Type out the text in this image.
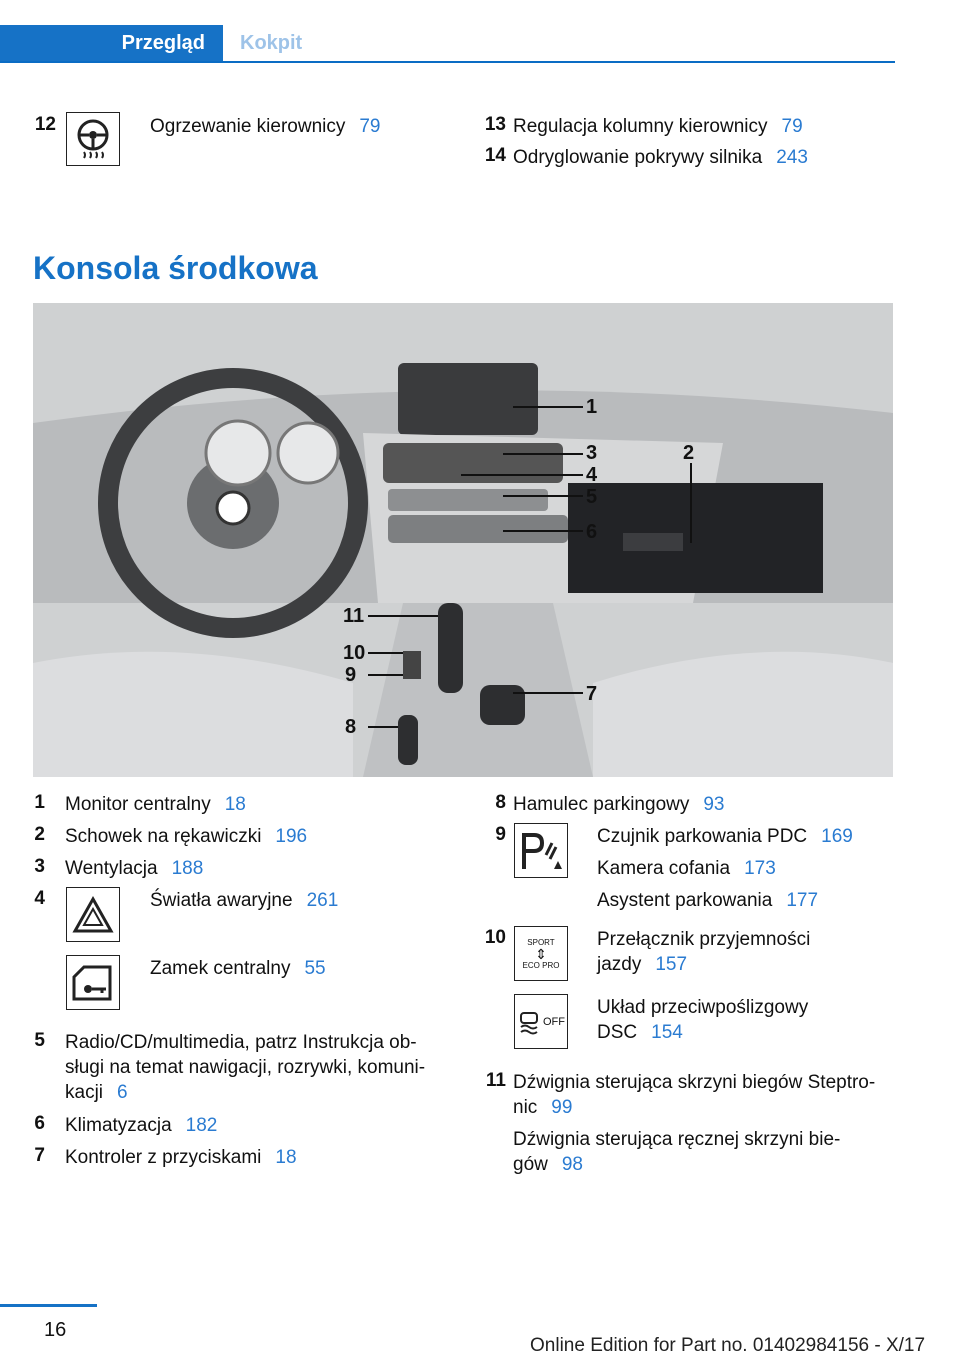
Przegląd	Kokpit
12	Ogrzewanie kierownicy 79	13 Regulacja kolumny kierownicy 79
14 Odryglowanie pokrywy silnika 243
Konsola środkowa
1
2
3
4
5
6
7
8
9
10
11
1 Monitor centralny 18
2 Schowek na rękawiczki 196
3 Wentylacja 188
4	Światła awaryjne 261
Zamek centralny 55
5 Radio/CD/multimedia, patrz Instrukcja ob-
sługi na temat nawigacji, rozrywki, komuni-
kacji 6
6 Klimatyzacja 182
7 Kontroler z przyciskami 18
8 Hamulec parkingowy 93
9	Czujnik parkowania PDC 169
Kamera cofania 173
Asystent parkowania 177
10	SPORT
⇕
ECO PRO
Przełącznik przyjemności
jazdy 157
OFF
Układ przeciwpoślizgowy
DSC 154
11 Dźwignia sterująca skrzyni biegów Steptro-
nic 99
Dźwignia sterująca ręcznej skrzyni bie-
gów 98
16
Online Edition for Part no. 01402984156 - X/17
